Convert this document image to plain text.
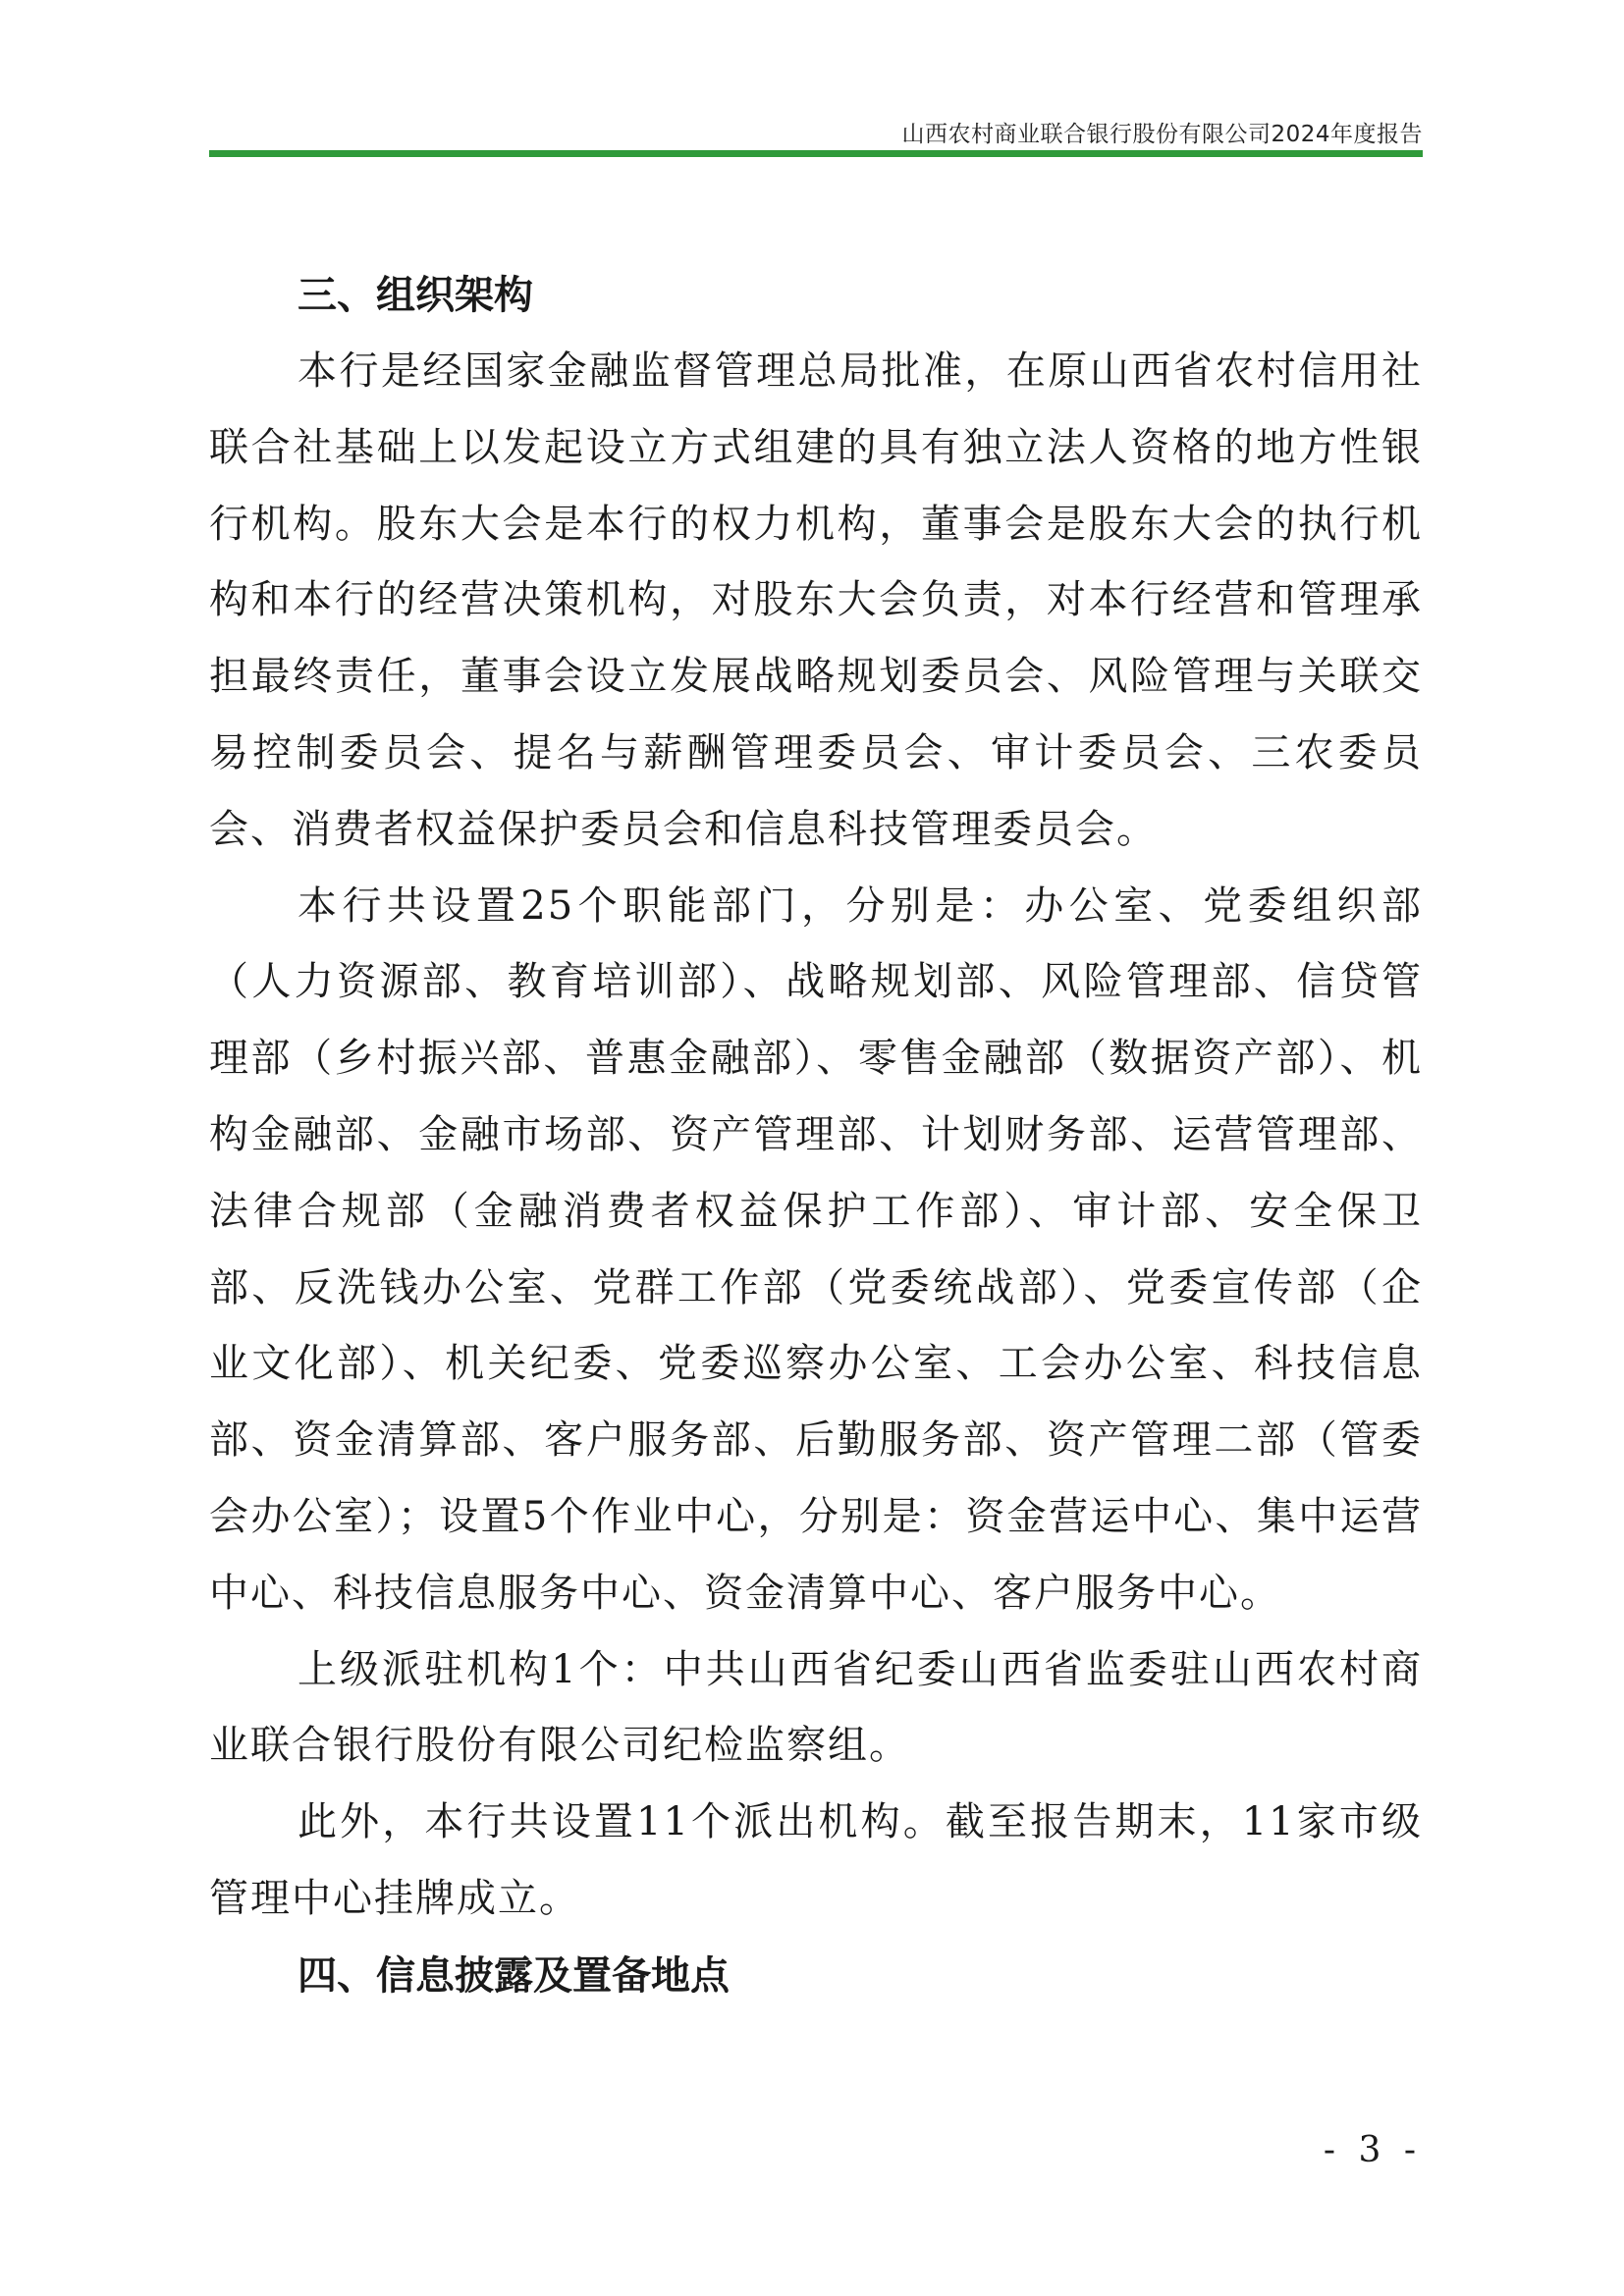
山西农村商业联合银行股份有限公司2024年度报告
三、组织架构

本行是经国家金融监督管理总局批准，在原山西省农村信用社联合社基础上以发起设立方式组建的具有独立法人资格的地方性银行机构。股东大会是本行的权力机构，董事会是股东大会的执行机构和本行的经营决策机构，对股东大会负责，对本行经营和管理承担最终责任，董事会设立发展战略规划委员会、风险管理与关联交易控制委员会、提名与薪酬管理委员会、审计委员会、三农委员会、消费者权益保护委员会和信息科技管理委员会。

本行共设置25个职能部门，分别是：办公室、党委组织部（人力资源部、教育培训部）、战略规划部、风险管理部、信贷管理部（乡村振兴部、普惠金融部）、零售金融部（数据资产部）、机构金融部、金融市场部、资产管理部、计划财务部、运营管理部、法律合规部（金融消费者权益保护工作部）、审计部、安全保卫部、反洗钱办公室、党群工作部（党委统战部）、党委宣传部（企业文化部）、机关纪委、党委巡察办公室、工会办公室、科技信息部、资金清算部、客户服务部、后勤服务部、资产管理二部（管委会办公室）；设置5个作业中心，分别是：资金营运中心、集中运营中心、科技信息服务中心、资金清算中心、客户服务中心。

上级派驻机构1个：中共山西省纪委山西省监委驻山西农村商业联合银行股份有限公司纪检监察组。

此外，本行共设置11个派出机构。截至报告期末，11家市级管理中心挂牌成立。

四、信息披露及置备地点
- 3 -
